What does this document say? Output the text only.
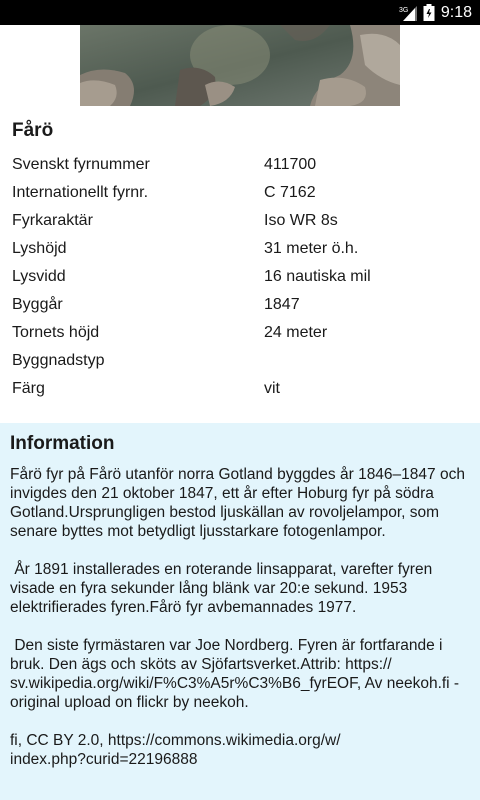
3G 9:18
Fårö
Svenskt fyrnummer	411700
Internationellt fyrnr.	C 7162
Fyrkaraktär	Iso WR 8s
Lyshöjd	31 meter ö.h.
Lysvidd	16 nautiska mil
Byggår	1847
Tornets höjd	24 meter
Byggnadstyp
Färg	vit
Information

Fårö fyr på Fårö utanför norra Gotland byggdes år 1846–1847 och invigdes den 21 oktober 1847, ett år efter Hoburg fyr på södra Gotland.Ursprungligen bestod ljuskällan av rovoljelampor, som senare byttes mot betydligt ljusstarkare fotogenlampor.

År 1891 installerades en roterande linsapparat, varefter fyren visade en fyra sekunder lång blänk var 20:e sekund. 1953 elektrifierades fyren.Fårö fyr avbemannades 1977.

Den siste fyrmästaren var Joe Nordberg. Fyren är fortfarande i bruk. Den ägs och sköts av Sjöfartsverket.Attrib: https://
sv.wikipedia.org/wiki/F%C3%A5r%C3%B6_fyrEOF, Av neekoh.fi - original upload on flickr by neekoh.

fi, CC BY 2.0, https://commons.wikimedia.org/w/
index.php?curid=22196888
